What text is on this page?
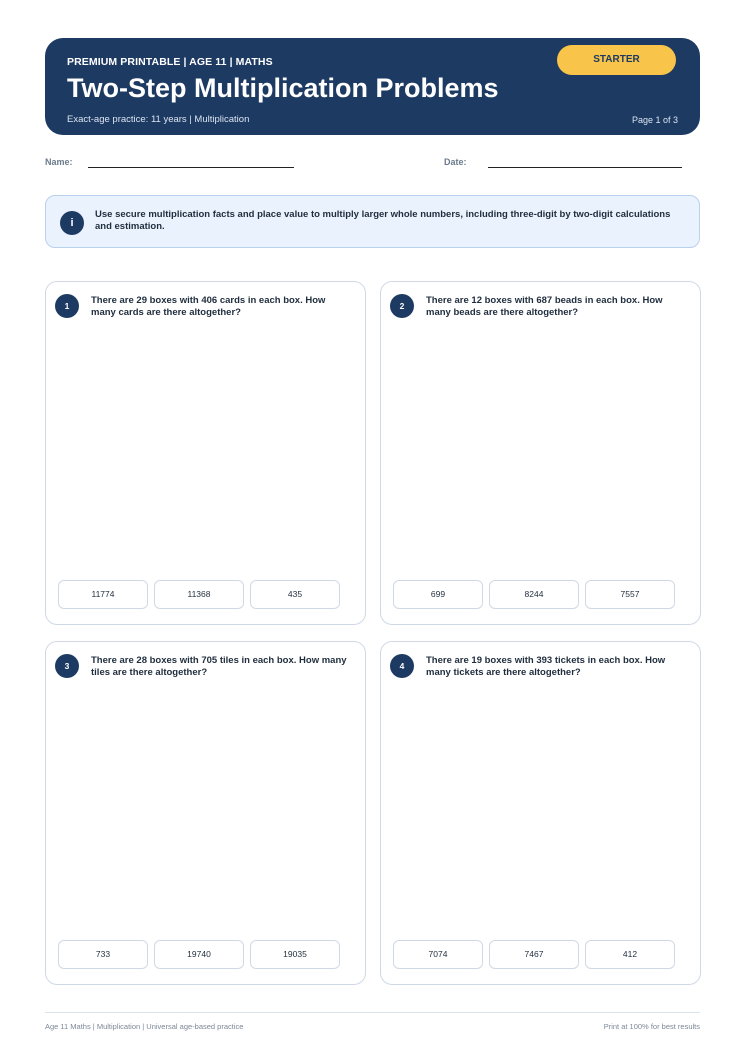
PREMIUM PRINTABLE | AGE 11 | MATHS
Two-Step Multiplication Problems
Exact-age practice: 11 years | Multiplication	Page 1 of 3
STARTER
Name:	Date:
i
Use secure multiplication facts and place value to multiply larger whole numbers, including three-digit by two-digit calculations and estimation.
1	There are 29 boxes with 406 cards in each box. How many cards are there altogether?
11774	11368	435
2	There are 12 boxes with 687 beads in each box. How many beads are there altogether?
699	8244	7557
3	There are 28 boxes with 705 tiles in each box. How many tiles are there altogether?
733	19740	19035
4	There are 19 boxes with 393 tickets in each box. How many tickets are there altogether?
7074	7467	412
Age 11 Maths | Multiplication | Universal age-based practice	Print at 100% for best results
